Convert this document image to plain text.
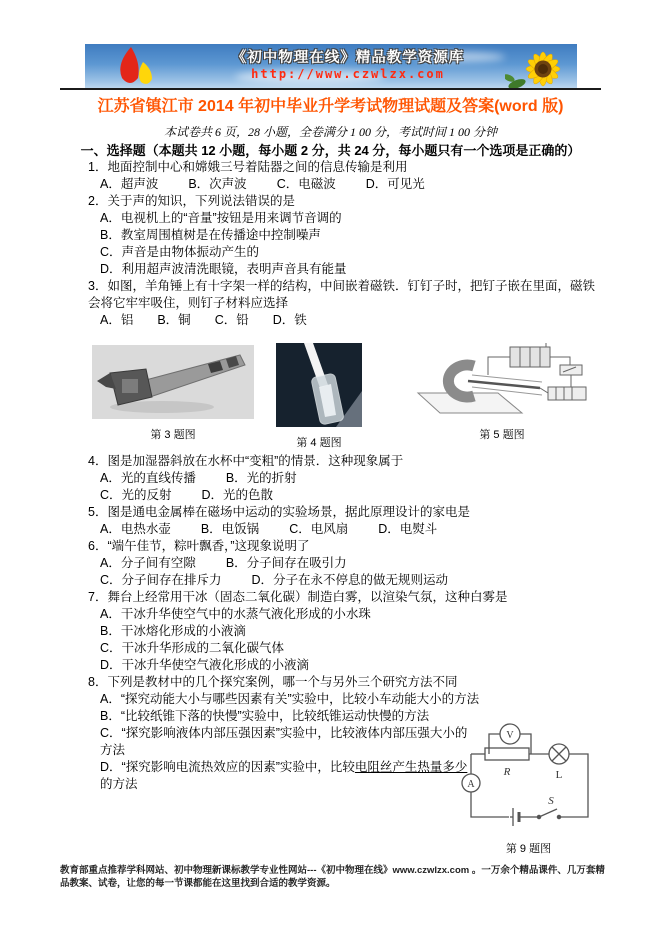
《初中物理在线》精品教学资源库
http://www.czwlzx.com
江苏省镇江市 2014 年初中毕业升学考试物理试题及答案(word 版)
本试卷共 6 页，28 小题，全卷满分 1 00 分，考试时间 1 00 分钟
一、选择题（本题共 12 小题，每小题 2 分，共 24 分，每小题只有一个选项是正确的）
1．地面控制中心和嫦娥三号着陆器之间的信息传输是利用
A．超声波 B．次声波 C．电磁波 D．可见光
2．关于声的知识，下列说法错误的是
A．电视机上的“音量”按钮是用来调节音调的
B．教室周围植树是在传播途中控制噪声
C．声音是由物体振动产生的
D．利用超声波清洗眼镜，表明声音具有能量
3．如图，羊角锤上有十字架一样的结构，中间嵌着磁铁．钉钉子时，把钉子嵌在里面，磁铁会将它牢牢吸住，则钉子材料应选择
A．铝 B．铜 C．铅 D．铁
第 3 题图
第 4 题图
第 5 题图
4．图是加湿器斜放在水杯中“变粗”的情景．这种现象属于
A．光的直线传播 B．光的折射
C．光的反射 D．光的色散
5．图是通电金属棒在磁场中运动的实验场景，据此原理设计的家电是
A．电热水壶 B．电饭锅 C．电风扇 D．电熨斗
6．“端午佳节，粽叶飘香，”这现象说明了
A．分子间有空隙 B．分子间存在吸引力
C．分子间存在排斥力 D．分子在永不停息的做无规则运动
7．舞台上经常用干冰（固态二氧化碳）制造白雾，以渲染气氛，这种白雾是
A．干冰升华使空气中的水蒸气液化形成的小水珠
B．干冰熔化形成的小液滴
C．干冰升华形成的二氧化碳气体
D．干冰升华使空气液化形成的小液滴
8．下列是教材中的几个探究案例，哪一个与另外三个研究方法不同
A．“探究动能大小与哪些因素有关”实验中，比较小车动能大小的方法
B．“比较纸锥下落的快慢”实验中，比较纸锥运动快慢的方法
C．“探究影响液体内部压强因素”实验中，比较液体内部压强大小的方法
D．“探究影响电流热效应的因素”实验中，比较电阻丝产生热量多少的方法
V
R	L
A
S
第 9 题图
教育部重点推荐学科网站、初中物理新课标教学专业性网站---《初中物理在线》www.czwlzx.com 。一万余个精品课件、几万套精品教案、试卷，让您的每一节课都能在这里找到合适的教学资源。
